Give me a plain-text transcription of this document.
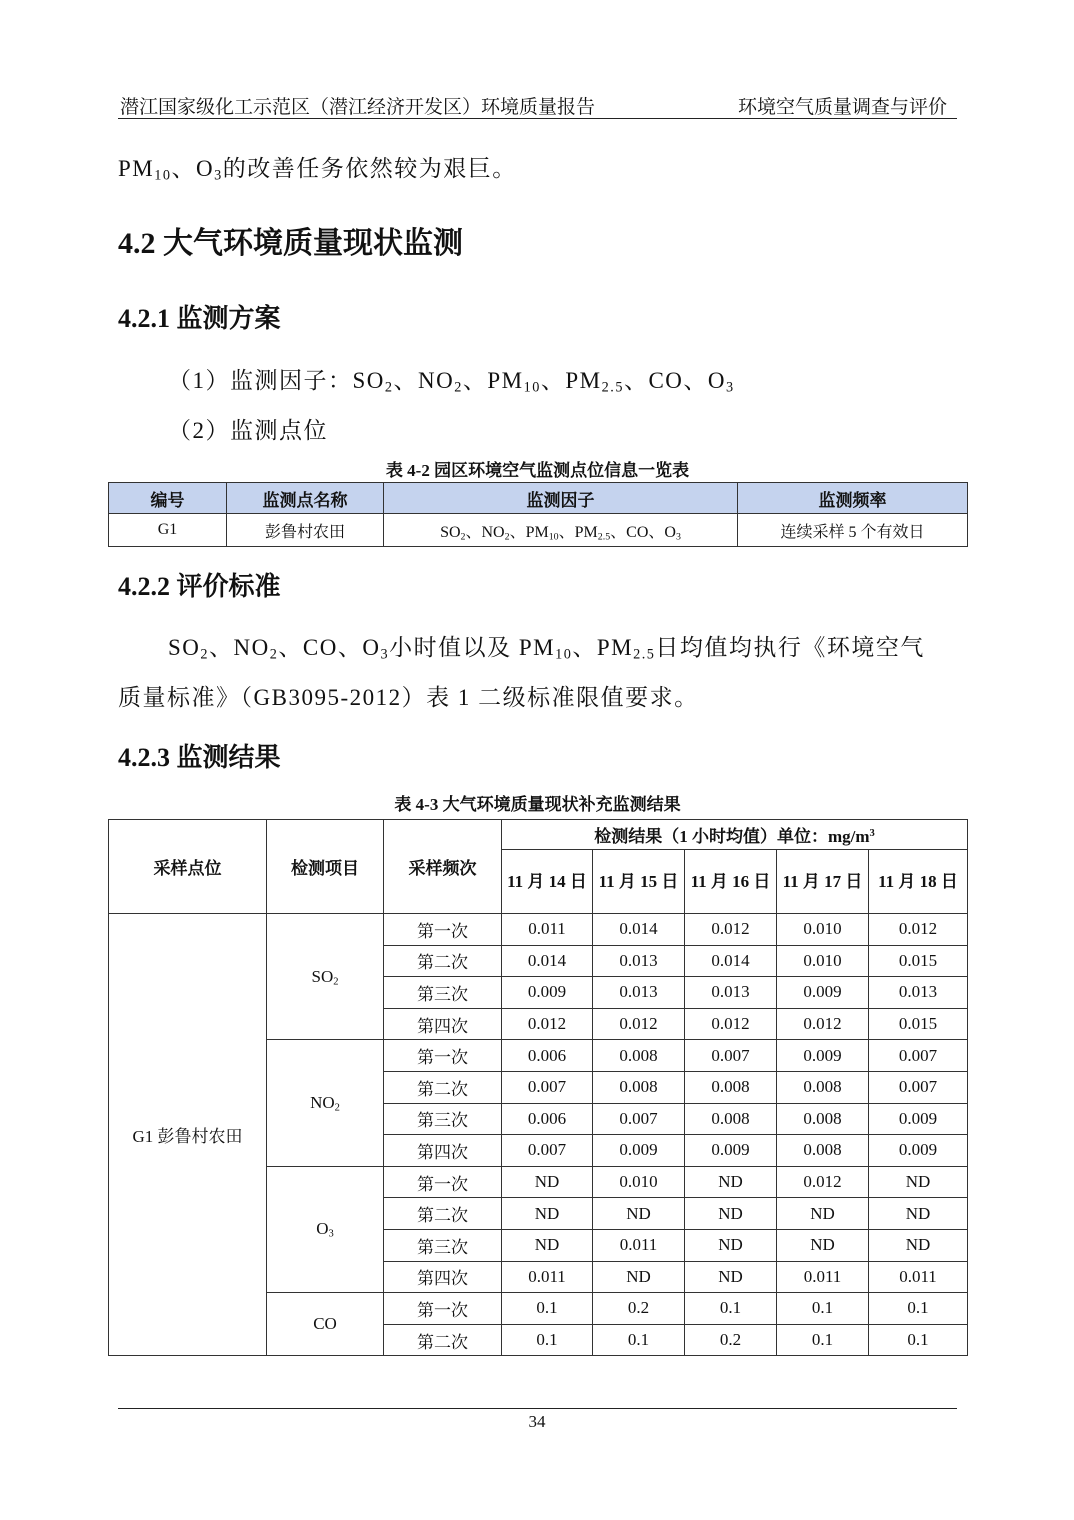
潜江国家级化工示范区（潜江经济开发区）环境质量报告	环境空气质量调查与评价
$PM_{10}$、$O_3$的改善任务依然较为艰巨。
4.2 大气环境质量现状监测
4.2.1 监测方案
（1）监测因子：$SO_2$、$NO_2$、$PM_{10}$、$PM_{2.5}$、CO、$O_3$
（2）监测点位
表 4-2 园区环境空气监测点位信息一览表
编号	监测点名称	监测因子	监测频率
G1	彭鲁村农田	$SO_2$、$NO_2$、$PM_{10}$、$PM_{2.5}$、CO、$O_3$	连续采样 5 个有效日
4.2.2 评价标准
$SO_2$、$NO_2$、CO、$O_3$小时值以及 $PM_{10}$、$PM_{2.5}$日均值均执行《环境空气
质量标准》（GB3095-2012）表 1 二级标准限值要求。
4.2.3 监测结果
表 4-3 大气环境质量现状补充监测结果
采样点位	检测项目	采样频次	检测结果（1 小时均值）单位：$mg/m^3$
			11 月 14 日	11 月 15 日	11 月 16 日	11 月 17 日	11 月 18 日
G1 彭鲁村农田	$SO_2$	第一次	0.011	0.014	0.012	0.010	0.012
		第二次	0.014	0.013	0.014	0.010	0.015
		第三次	0.009	0.013	0.013	0.009	0.013
		第四次	0.012	0.012	0.012	0.012	0.015
	$NO_2$	第一次	0.006	0.008	0.007	0.009	0.007
		第二次	0.007	0.008	0.008	0.008	0.007
		第三次	0.006	0.007	0.008	0.008	0.009
		第四次	0.007	0.009	0.009	0.008	0.009
	$O_3$	第一次	ND	0.010	ND	0.012	ND
		第二次	ND	ND	ND	ND	ND
		第三次	ND	0.011	ND	ND	ND
		第四次	0.011	ND	ND	0.011	0.011
	CO	第一次	0.1	0.2	0.1	0.1	0.1
		第二次	0.1	0.1	0.2	0.1	0.1
34
